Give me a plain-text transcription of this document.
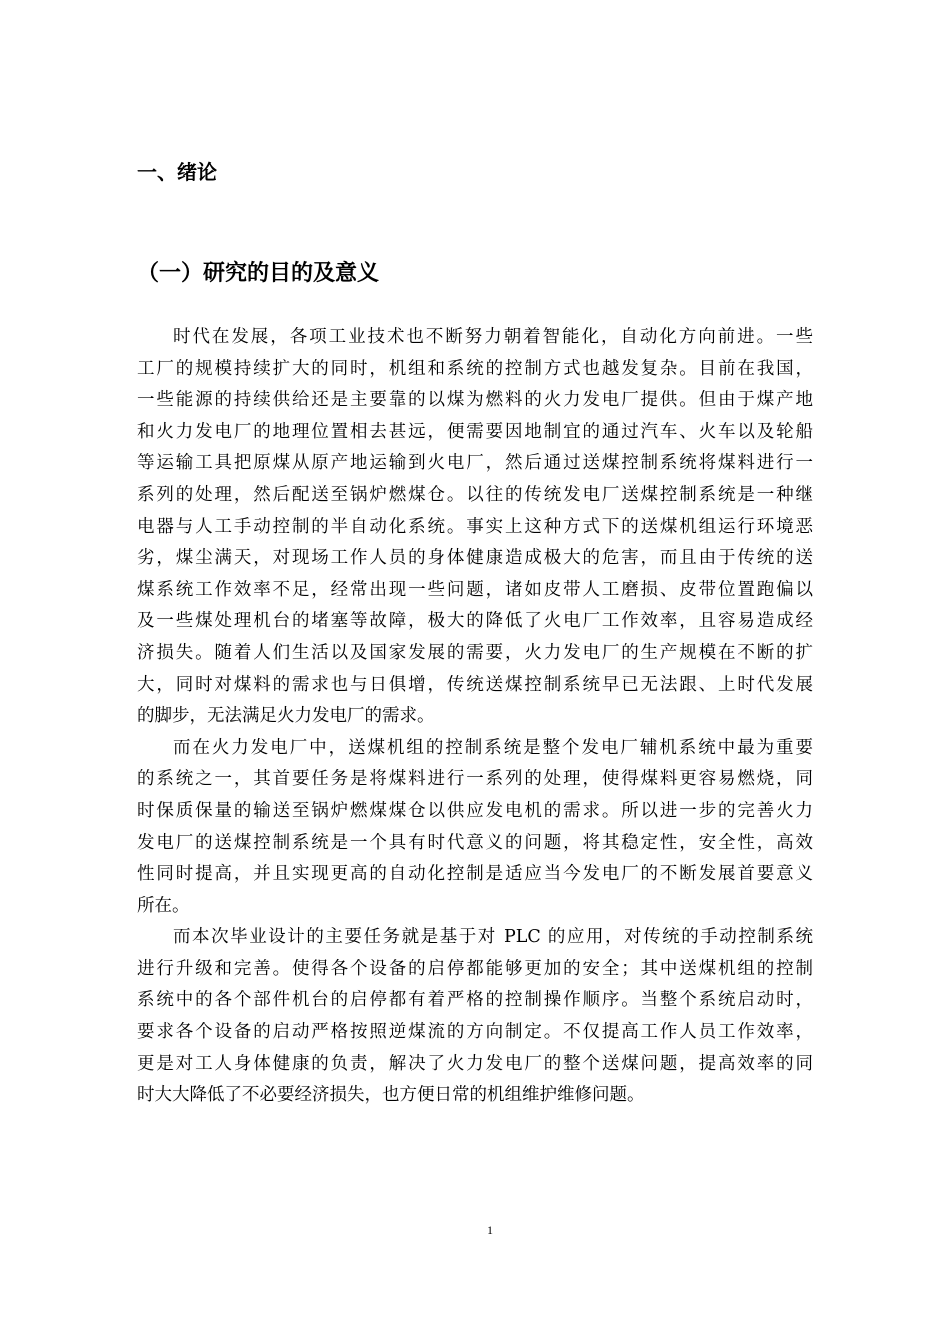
一、绪论
（一）研究的目的及意义

时代在发展，各项工业技术也不断努力朝着智能化，自动化方向前进。一些

工厂的规模持续扩大的同时，机组和系统的控制方式也越发复杂。目前在我国，

一些能源的持续供给还是主要靠的以煤为燃料的火力发电厂提供。但由于煤产地

和火力发电厂的地理位置相去甚远，便需要因地制宜的通过汽车、火车以及轮船

等运输工具把原煤从原产地运输到火电厂，然后通过送煤控制系统将煤料进行一

系列的处理，然后配送至锅炉燃煤仓。以往的传统发电厂送煤控制系统是一种继

电器与人工手动控制的半自动化系统。事实上这种方式下的送煤机组运行环境恶

劣，煤尘满天，对现场工作人员的身体健康造成极大的危害，而且由于传统的送

煤系统工作效率不足，经常出现一些问题，诸如皮带人工磨损、皮带位置跑偏以

及一些煤处理机台的堵塞等故障，极大的降低了火电厂工作效率，且容易造成经

济损失。随着人们生活以及国家发展的需要，火力发电厂的生产规模在不断的扩

大，同时对煤料的需求也与日俱增，传统送煤控制系统早已无法跟、上时代发展

的脚步，无法满足火力发电厂的需求。

而在火力发电厂中，送煤机组的控制系统是整个发电厂辅机系统中最为重要

的系统之一，其首要任务是将煤料进行一系列的处理，使得煤料更容易燃烧，同

时保质保量的输送至锅炉燃煤煤仓以供应发电机的需求。所以进一步的完善火力

发电厂的送煤控制系统是一个具有时代意义的问题，将其稳定性，安全性，高效

性同时提高，并且实现更高的自动化控制是适应当今发电厂的不断发展首要意义

所在。

而本次毕业设计的主要任务就是基于对 PLC 的应用，对传统的手动控制系统

进行升级和完善。使得各个设备的启停都能够更加的安全；其中送煤机组的控制

系统中的各个部件机台的启停都有着严格的控制操作顺序。当整个系统启动时，

要求各个设备的启动严格按照逆煤流的方向制定。不仅提高工作人员工作效率，

更是对工人身体健康的负责，解决了火力发电厂的整个送煤问题，提高效率的同

时大大降低了不必要经济损失，也方便日常的机组维护维修问题。

1
